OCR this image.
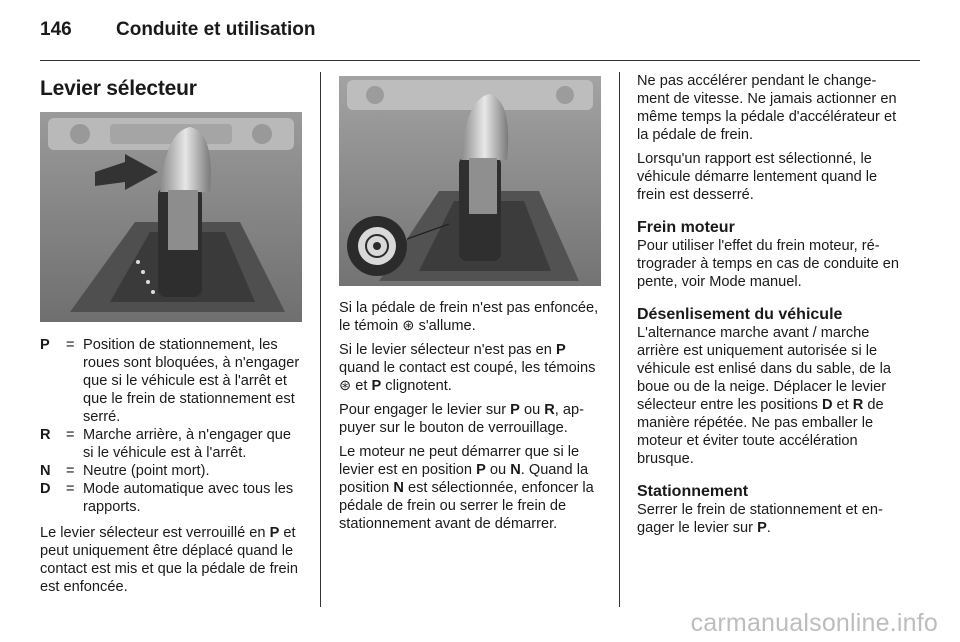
146	Conduite et utilisation
Levier sélecteur
P	= Position de stationnement, les roues sont bloquées, à n'engager que si le véhicule est à l'arrêt et que le frein de stationnement est serré.
R	= Marche arrière, à n'engager que si le véhicule est à l'arrêt.
N	= Neutre (point mort).
D	= Mode automatique avec tous les rapports.

Le levier sélecteur est verrouillé en P et peut uniquement être déplacé quand le contact est mis et que la pédale de frein est enfoncée.

Si la pédale de frein n'est pas enfoncée, le témoin ⊛ s'allume.

Si le levier sélecteur n'est pas en P quand le contact est coupé, les témoins ⊛ et P clignotent.

Pour engager le levier sur P ou R, appuyer sur le bouton de verrouillage.

Le moteur ne peut démarrer que si le levier est en position P ou N. Quand la position N est sélectionnée, enfoncer la pédale de frein ou serrer le frein de stationnement avant de démarrer.

Ne pas accélérer pendant le changement de vitesse. Ne jamais actionner en même temps la pédale d'accélérateur et la pédale de frein.

Lorsqu'un rapport est sélectionné, le véhicule démarre lentement quand le frein est desserré.

Frein moteur

Pour utiliser l'effet du frein moteur, rétrograder à temps en cas de conduite en pente, voir Mode manuel.

Désenlisement du véhicule

L'alternance marche avant / marche arrière est uniquement autorisée si le véhicule est enlisé dans du sable, de la boue ou de la neige. Déplacer le levier sélecteur entre les positions D et R de manière répétée. Ne pas emballer le moteur et éviter toute accélération brusque.

Stationnement

Serrer le frein de stationnement et engager le levier sur P.

carmanualsonline.info
